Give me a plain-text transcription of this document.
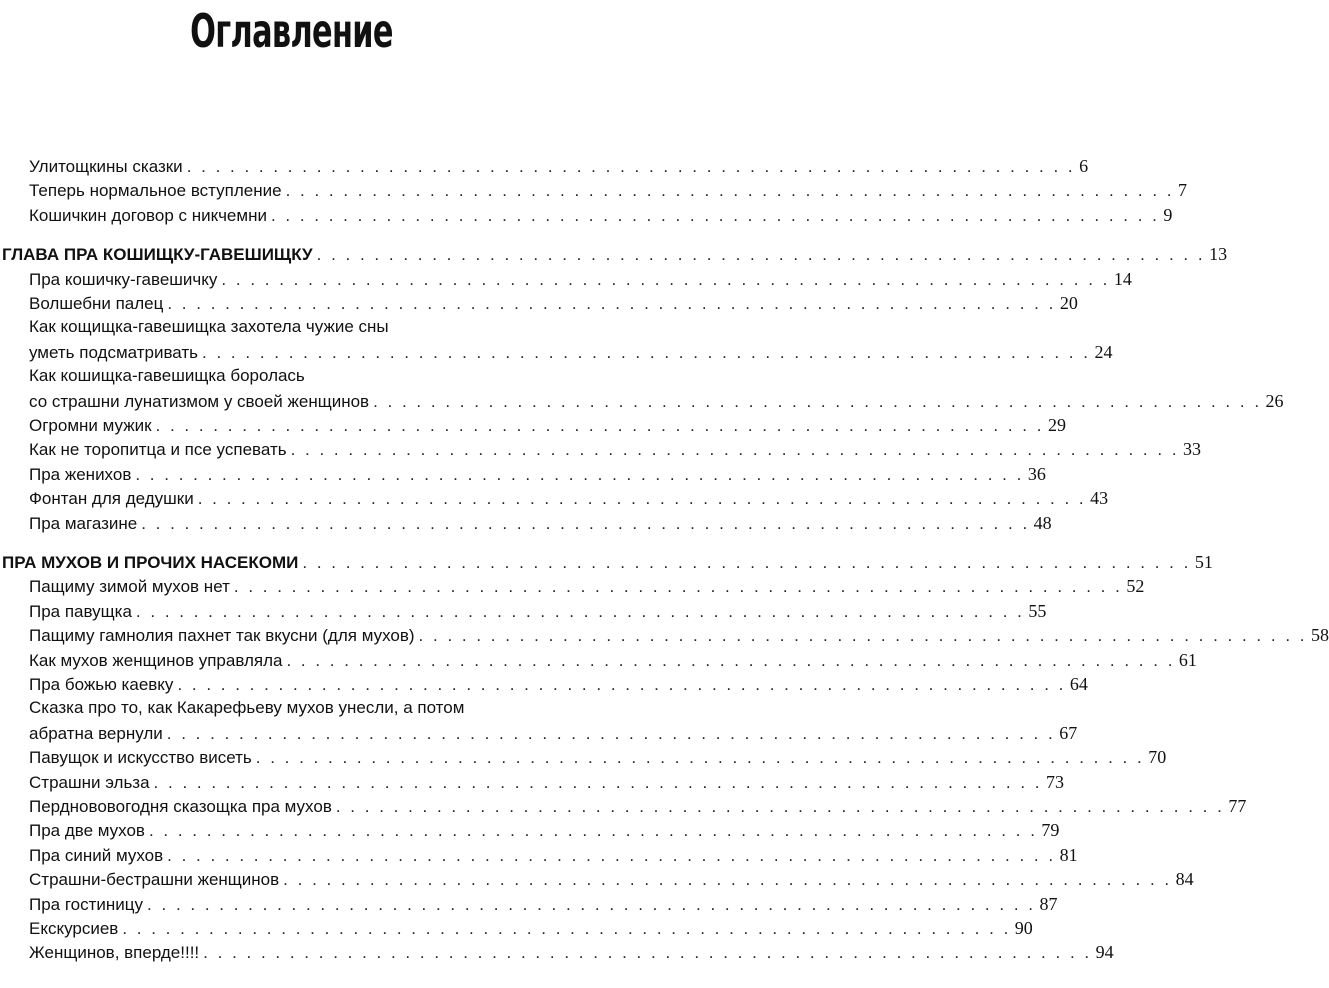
Оглавление
Улитощкины сказки . . . . . . . . . . . . . . . . . . . . . . . . . . . . . . . . . . . . . . . . . . . . . . . . . . . . . . . . . . . . . . 6
Теперь нормальное вступление . . . . . . . . . . . . . . . . . . . . . . . . . . . . . . . . . . . . . . . . . . . . . . . . . . . . . . . . . . . . . . 7
Кошичкин договор с никчемни . . . . . . . . . . . . . . . . . . . . . . . . . . . . . . . . . . . . . . . . . . . . . . . . . . . . . . . . . . . . . . 9
ГЛАВА ПРА КОШИЩКУ-ГАВЕШИЩКУ . . . . . . . . . . . . . . . . . . . . . . . . . . . . . . . . . . . . . . . . . . . . . . . . . . . . . . . . . . . . . . 13
Пра кошичку-гавешичку . . . . . . . . . . . . . . . . . . . . . . . . . . . . . . . . . . . . . . . . . . . . . . . . . . . . . . . . . . . . . . 14
Волшебни палец . . . . . . . . . . . . . . . . . . . . . . . . . . . . . . . . . . . . . . . . . . . . . . . . . . . . . . . . . . . . . . 20
Как кощищка-гавешищка захотела чужие сны
уметь подсматривать . . . . . . . . . . . . . . . . . . . . . . . . . . . . . . . . . . . . . . . . . . . . . . . . . . . . . . . . . . . . . . 24
Как кошищка-гавешищка боролась
со страшни лунатизмом у своей женщинов . . . . . . . . . . . . . . . . . . . . . . . . . . . . . . . . . . . . . . . . . . . . . . . . . . . . . . . . . . . . . . 26
Огромни мужик . . . . . . . . . . . . . . . . . . . . . . . . . . . . . . . . . . . . . . . . . . . . . . . . . . . . . . . . . . . . . . 29
Как не торопитца и псе успевать . . . . . . . . . . . . . . . . . . . . . . . . . . . . . . . . . . . . . . . . . . . . . . . . . . . . . . . . . . . . . . 33
Пра женихов . . . . . . . . . . . . . . . . . . . . . . . . . . . . . . . . . . . . . . . . . . . . . . . . . . . . . . . . . . . . . . 36
Фонтан для дедушки . . . . . . . . . . . . . . . . . . . . . . . . . . . . . . . . . . . . . . . . . . . . . . . . . . . . . . . . . . . . . . 43
Пра магазине . . . . . . . . . . . . . . . . . . . . . . . . . . . . . . . . . . . . . . . . . . . . . . . . . . . . . . . . . . . . . . 48
ПРА МУХОВ И ПРОЧИХ НАСЕКОМИ . . . . . . . . . . . . . . . . . . . . . . . . . . . . . . . . . . . . . . . . . . . . . . . . . . . . . . . . . . . . . . 51
Пащиму зимой мухов нет . . . . . . . . . . . . . . . . . . . . . . . . . . . . . . . . . . . . . . . . . . . . . . . . . . . . . . . . . . . . . . 52
Пра павущка . . . . . . . . . . . . . . . . . . . . . . . . . . . . . . . . . . . . . . . . . . . . . . . . . . . . . . . . . . . . . . 55
Пащиму гамнолия пахнет так вкусни (для мухов) . . . . . . . . . . . . . . . . . . . . . . . . . . . . . . . . . . . . . . . . . . . . . . . . . . . . . . . . . . . . . . 58
Как мухов женщинов управляла . . . . . . . . . . . . . . . . . . . . . . . . . . . . . . . . . . . . . . . . . . . . . . . . . . . . . . . . . . . . . . 61
Пра божью каевку . . . . . . . . . . . . . . . . . . . . . . . . . . . . . . . . . . . . . . . . . . . . . . . . . . . . . . . . . . . . . . 64
Сказка про то, как Какарефьеву мухов унесли, а потом
абратна вернули . . . . . . . . . . . . . . . . . . . . . . . . . . . . . . . . . . . . . . . . . . . . . . . . . . . . . . . . . . . . . . 67
Павущок и искусство висеть . . . . . . . . . . . . . . . . . . . . . . . . . . . . . . . . . . . . . . . . . . . . . . . . . . . . . . . . . . . . . . 70
Страшни эльза . . . . . . . . . . . . . . . . . . . . . . . . . . . . . . . . . . . . . . . . . . . . . . . . . . . . . . . . . . . . . . 73
Перднововогодня сказощка пра мухов . . . . . . . . . . . . . . . . . . . . . . . . . . . . . . . . . . . . . . . . . . . . . . . . . . . . . . . . . . . . . . 77
Пра две мухов . . . . . . . . . . . . . . . . . . . . . . . . . . . . . . . . . . . . . . . . . . . . . . . . . . . . . . . . . . . . . . 79
Пра синий мухов . . . . . . . . . . . . . . . . . . . . . . . . . . . . . . . . . . . . . . . . . . . . . . . . . . . . . . . . . . . . . . 81
Страшни-бестрашни женщинов . . . . . . . . . . . . . . . . . . . . . . . . . . . . . . . . . . . . . . . . . . . . . . . . . . . . . . . . . . . . . . 84
Пра гостиницу . . . . . . . . . . . . . . . . . . . . . . . . . . . . . . . . . . . . . . . . . . . . . . . . . . . . . . . . . . . . . . 87
Екскурсиев . . . . . . . . . . . . . . . . . . . . . . . . . . . . . . . . . . . . . . . . . . . . . . . . . . . . . . . . . . . . . . 90
Женщинов, вперде!!!! . . . . . . . . . . . . . . . . . . . . . . . . . . . . . . . . . . . . . . . . . . . . . . . . . . . . . . . . . . . . . . 94
